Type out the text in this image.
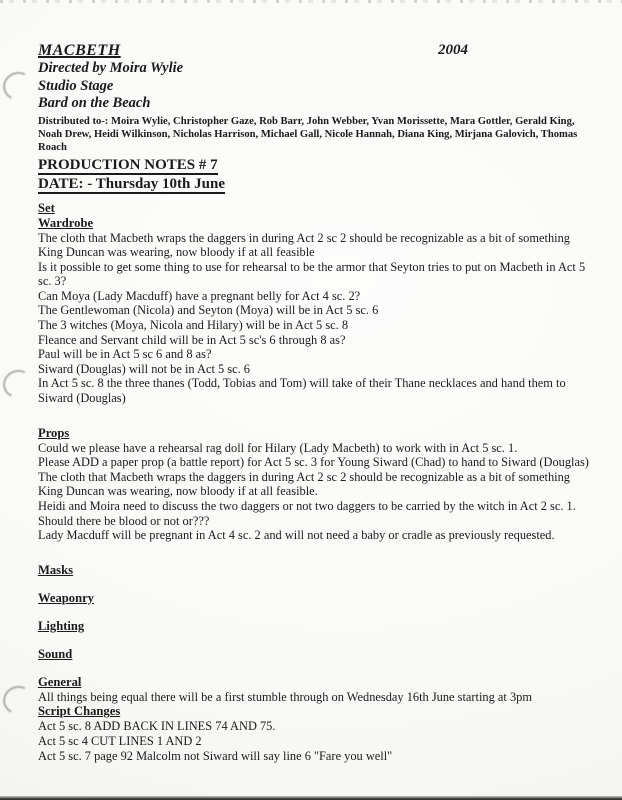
MACBETH	2004
Directed by Moira Wylie
Studio Stage
Bard on the Beach
Distributed to-: Moira Wylie, Christopher Gaze, Rob Barr, John Webber, Yvan Morissette, Mara Gottler, Gerald King, Noah Drew, Heidi Wilkinson, Nicholas Harrison, Michael Gall, Nicole Hannah, Diana King, Mirjana Galovich, Thomas Roach
PRODUCTION NOTES # 7
DATE: - Thursday 10th June
Set
Wardrobe

The cloth that Macbeth wraps the daggers in during Act 2 sc 2 should be recognizable as a bit of something King Duncan was wearing, now bloody if at all feasible

Is it possible to get some thing to use for rehearsal to be the armor that Seyton tries to put on Macbeth in Act 5 sc. 3?

Can Moya (Lady Macduff) have a pregnant belly for Act 4 sc. 2?

The Gentlewoman (Nicola) and Seyton (Moya) will be in Act 5 sc. 6

The 3 witches (Moya, Nicola and Hilary) will be in Act 5 sc. 8

Fleance and Servant child will be in Act 5 sc's 6 through 8 as?

Paul will be in Act 5 sc 6 and 8 as?

Siward (Douglas) will not be in Act 5 sc. 6

In Act 5 sc. 8 the three thanes (Todd, Tobias and Tom) will take of their Thane necklaces and hand them to Siward (Douglas)

Props

Could we please have a rehearsal rag doll for Hilary (Lady Macbeth) to work with in Act 5 sc. 1.

Please ADD a paper prop (a battle report) for Act 5 sc. 3 for Young Siward (Chad) to hand to Siward (Douglas)

The cloth that Macbeth wraps the daggers in during Act 2 sc 2 should be recognizable as a bit of something King Duncan was wearing, now bloody if at all feasible.

Heidi and Moira need to discuss the two daggers or not two daggers to be carried by the witch in Act 2 sc. 1. Should there be blood or not or???

Lady Macduff will be pregnant in Act 4 sc. 2 and will not need a baby or cradle as previously requested.

Masks
Weaponry
Lighting
Sound
General

All things being equal there will be a first stumble through on Wednesday 16th June starting at 3pm

Script Changes

Act 5 sc. 8 ADD BACK IN LINES 74 AND 75.

Act 5 sc 4 CUT LINES 1 AND 2

Act 5 sc. 7 page 92 Malcolm not Siward will say line 6 "Fare you well"
